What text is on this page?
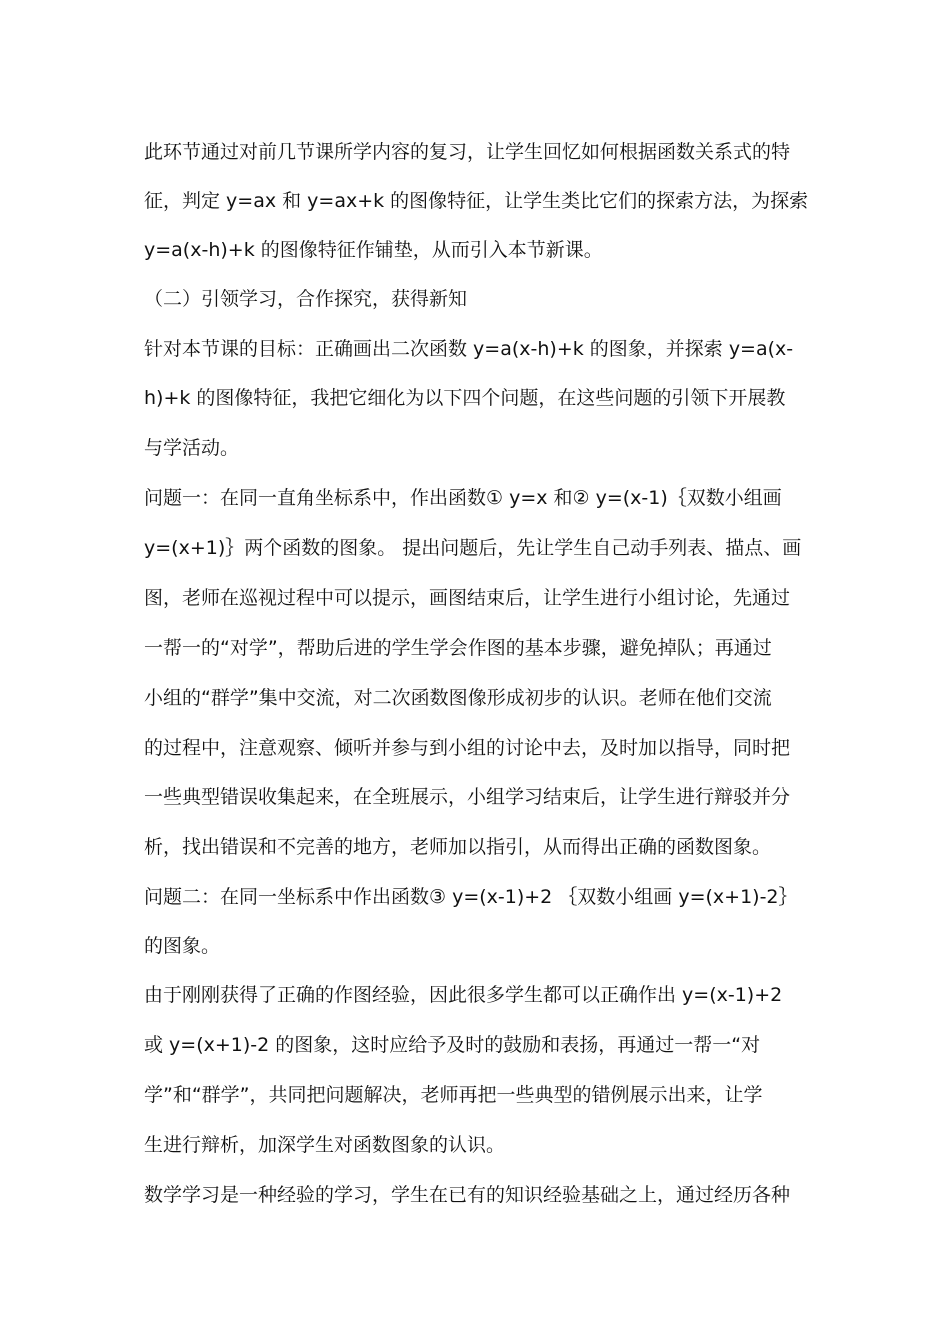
此环节通过对前几节课所学内容的复习，让学生回忆如何根据函数关系式的特
征，判定 y=ax 和 y=ax+k 的图像特征，让学生类比它们的探索方法，为探索
y=a(x-h)+k 的图像特征作铺垫，从而引入本节新课。
（二）引领学习，合作探究，获得新知
针对本节课的目标：正确画出二次函数 y=a(x-h)+k 的图象，并探索 y=a(x-
h)+k 的图像特征，我把它细化为以下四个问题，在这些问题的引领下开展教
与学活动。
问题一：在同一直角坐标系中，作出函数① y=x 和② y=(x-1)｛双数小组画
y=(x+1)｝两个函数的图象。 提出问题后，先让学生自己动手列表、描点、画
图，老师在巡视过程中可以提示，画图结束后，让学生进行小组讨论，先通过
一帮一的“对学”，帮助后进的学生学会作图的基本步骤，避免掉队；再通过
小组的“群学”集中交流，对二次函数图像形成初步的认识。老师在他们交流
的过程中，注意观察、倾听并参与到小组的讨论中去，及时加以指导，同时把
一些典型错误收集起来，在全班展示，小组学习结束后，让学生进行辩驳并分
析，找出错误和不完善的地方，老师加以指引，从而得出正确的函数图象。
问题二：在同一坐标系中作出函数③ y=(x-1)+2 ｛双数小组画 y=(x+1)-2｝
的图象。
由于刚刚获得了正确的作图经验，因此很多学生都可以正确作出 y=(x-1)+2
或 y=(x+1)-2 的图象，这时应给予及时的鼓励和表扬，再通过一帮一“对
学”和“群学”，共同把问题解决，老师再把一些典型的错例展示出来，让学
生进行辩析，加深学生对函数图象的认识。
数学学习是一种经验的学习，学生在已有的知识经验基础之上，通过经历各种
